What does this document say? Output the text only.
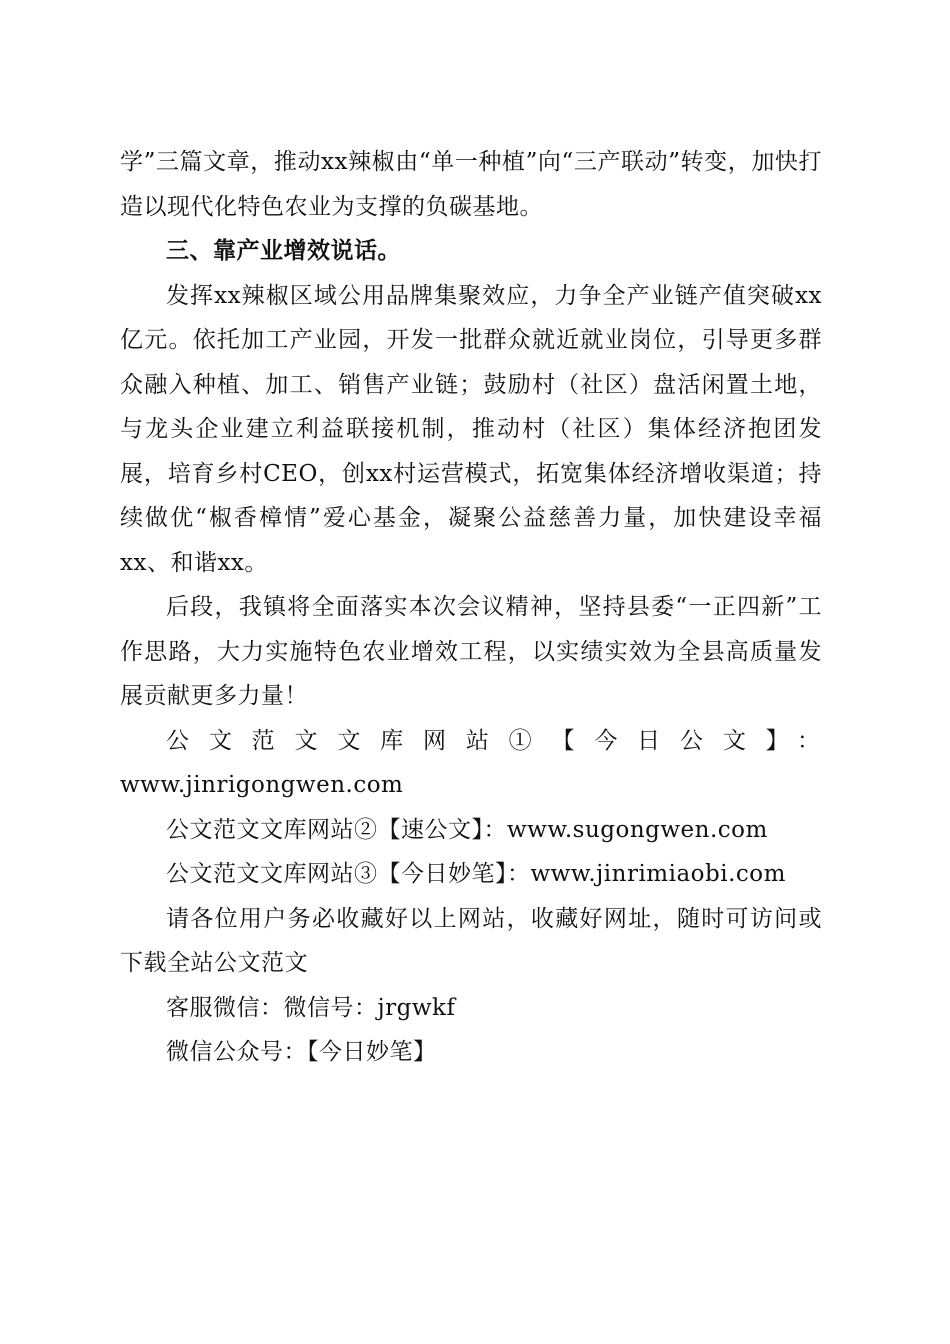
学”三篇文章，推动xx辣椒由“单一种植”向“三产联动”转变，加快打造以现代化特色农业为支撑的负碳基地。

三、靠产业增效说话。

发挥xx辣椒区域公用品牌集聚效应，力争全产业链产值突破xx亿元。依托加工产业园，开发一批群众就近就业岗位，引导更多群众融入种植、加工、销售产业链；鼓励村（社区）盘活闲置土地，与龙头企业建立利益联接机制，推动村（社区）集体经济抱团发展，培育乡村CEO，创xx村运营模式，拓宽集体经济增收渠道；持续做优“椒香樟情”爱心基金，凝聚公益慈善力量，加快建设幸福xx、和谐xx。

后段，我镇将全面落实本次会议精神，坚持县委“一正四新”工作思路，大力实施特色农业增效工程，以实绩实效为全县高质量发展贡献更多力量！

公文范文文库网站①【今日公文】：

www.jinrigongwen.com

公文范文文库网站②【速公文】：www.sugongwen.com

公文范文文库网站③【今日妙笔】：www.jinrimiaobi.com

请各位用户务必收藏好以上网站，收藏好网址，随时可访问或下载全站公文范文

客服微信：微信号：jrgwkf

微信公众号：【今日妙笔】
